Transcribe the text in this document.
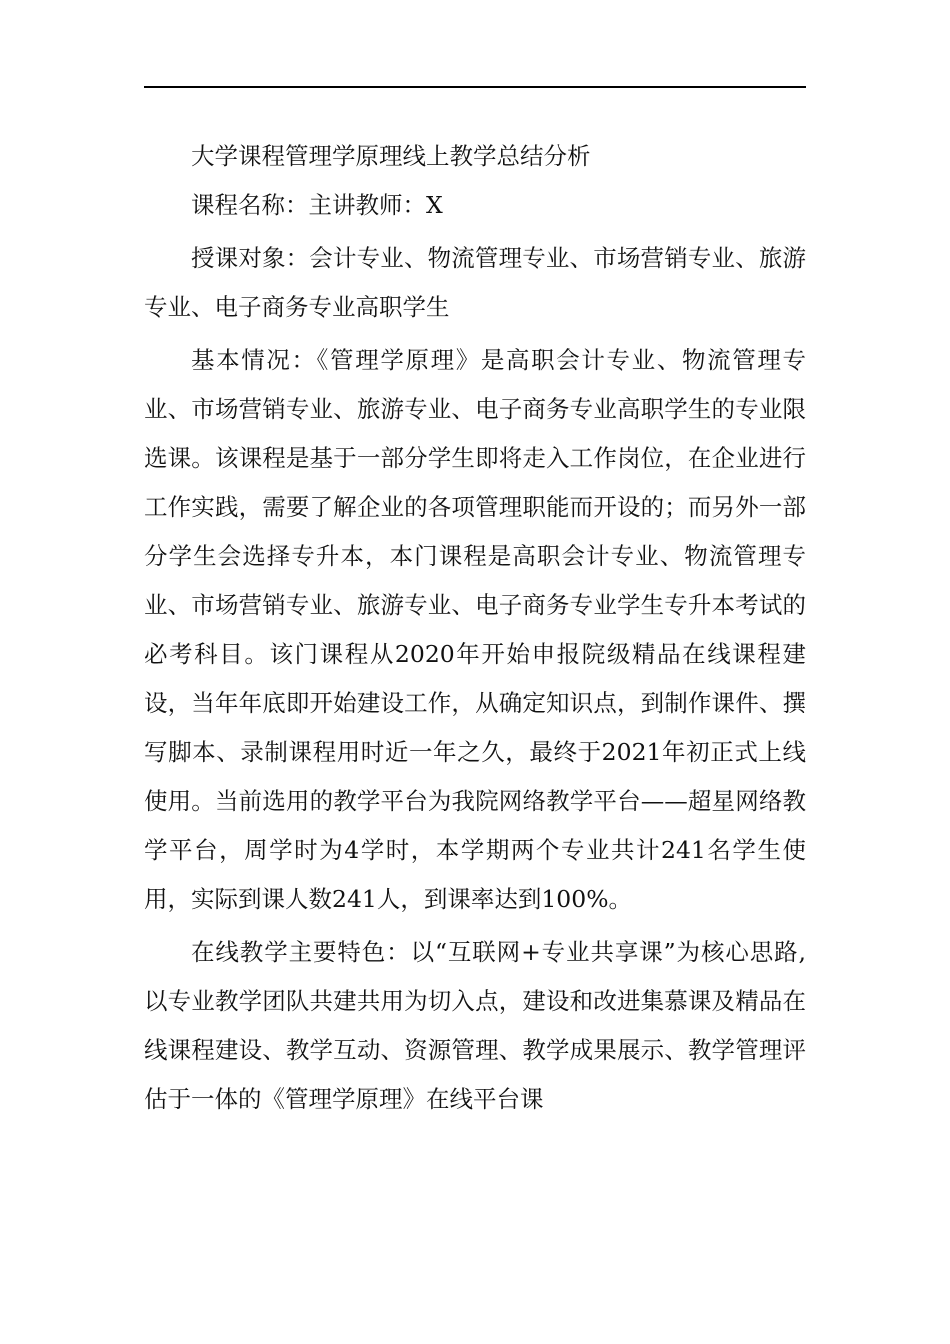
大学课程管理学原理线上教学总结分析

课程名称：主讲教师：X

授课对象：会计专业、物流管理专业、市场营销专业、旅游专业、电子商务专业高职学生

基本情况：《管理学原理》是高职会计专业、物流管理专业、市场营销专业、旅游专业、电子商务专业高职学生的专业限选课。该课程是基于一部分学生即将走入工作岗位，在企业进行工作实践，需要了解企业的各项管理职能而开设的；而另外一部分学生会选择专升本，本门课程是高职会计专业、物流管理专业、市场营销专业、旅游专业、电子商务专业学生专升本考试的必考科目。该门课程从2020年开始申报院级精品在线课程建设，当年年底即开始建设工作，从确定知识点，到制作课件、撰写脚本、录制课程用时近一年之久，最终于2021年初正式上线使用。当前选用的教学平台为我院网络教学平台——超星网络教学平台，周学时为4学时，本学期两个专业共计241名学生使用，实际到课人数241人，到课率达到100%。

在线教学主要特色：以“互联网+专业共享课”为核心思路,以专业教学团队共建共用为切入点，建设和改进集慕课及精品在线课程建设、教学互动、资源管理、教学成果展示、教学管理评估于一体的《管理学原理》在线平台课
